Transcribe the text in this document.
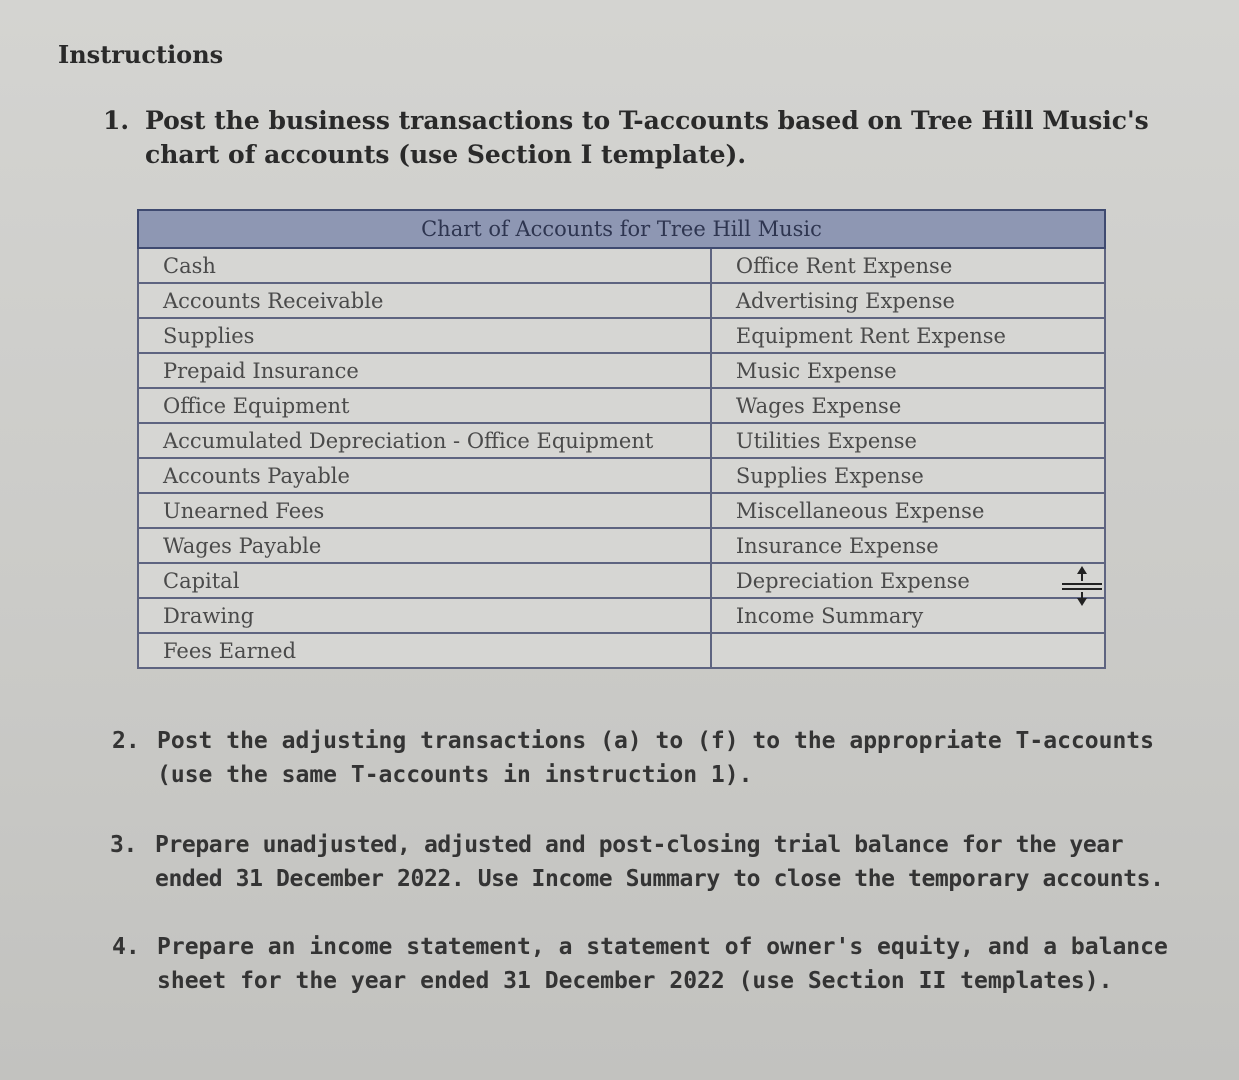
Instructions
1. Post the business transactions to T-accounts based on Tree Hill Music's chart of accounts (use Section I template).
Chart of Accounts for Tree Hill Music	
Cash	Office Rent Expense
Accounts Receivable	Advertising Expense
Supplies	Equipment Rent Expense
Prepaid Insurance	Music Expense
Office Equipment	Wages Expense
Accumulated Depreciation - Office Equipment	Utilities Expense
Accounts Payable	Supplies Expense
Unearned Fees	Miscellaneous Expense
Wages Payable	Insurance Expense
Capital	Depreciation Expense
Drawing	Income Summary
Fees Earned	
2. Post the adjusting transactions (a) to (f) to the appropriate T-accounts (use the same T-accounts in instruction 1).
3. Prepare unadjusted, adjusted and post-closing trial balance for the year ended 31 December 2022. Use Income Summary to close the temporary accounts.
4. Prepare an income statement, a statement of owner's equity, and a balance sheet for the year ended 31 December 2022 (use Section II templates).
